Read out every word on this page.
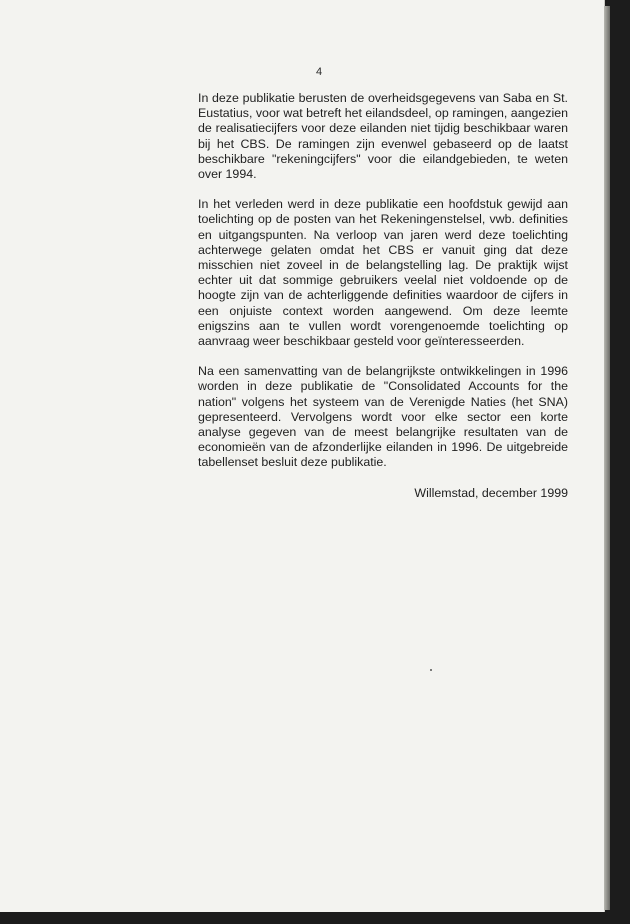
4

In deze publikatie berusten de overheidsgegevens van Saba en St. Eustatius, voor wat betreft het eilandsdeel, op ramingen, aangezien de realisatiecijfers voor deze eilanden niet tijdig beschikbaar waren bij het CBS. De ramingen zijn evenwel gebaseerd op de laatst beschikbare "rekeningcijfers" voor die eilandgebieden, te weten over 1994.

In het verleden werd in deze publikatie een hoofdstuk gewijd aan toelichting op de posten van het Rekeningenstelsel, vwb. definities en uitgangspunten. Na verloop van jaren werd deze toelichting achterwege gelaten omdat het CBS er vanuit ging dat deze misschien niet zoveel in de belangstelling lag. De praktijk wijst echter uit dat sommige gebruikers veelal niet voldoende op de hoogte zijn van de achterliggende definities waardoor de cijfers in een onjuiste context worden aangewend. Om deze leemte enigszins aan te vullen wordt vorengenoemde toelichting op aanvraag weer beschikbaar gesteld voor geïnteresseerden.

Na een samenvatting van de belangrijkste ontwikkelingen in 1996 worden in deze publikatie de "Consolidated Accounts for the nation" volgens het systeem van de Verenigde Naties (het SNA) gepresenteerd. Vervolgens wordt voor elke sector een korte analyse gegeven van de meest belangrijke resultaten van de economieën van de afzonderlijke eilanden in 1996. De uitgebreide tabellenset besluit deze publikatie.

Willemstad, december 1999
